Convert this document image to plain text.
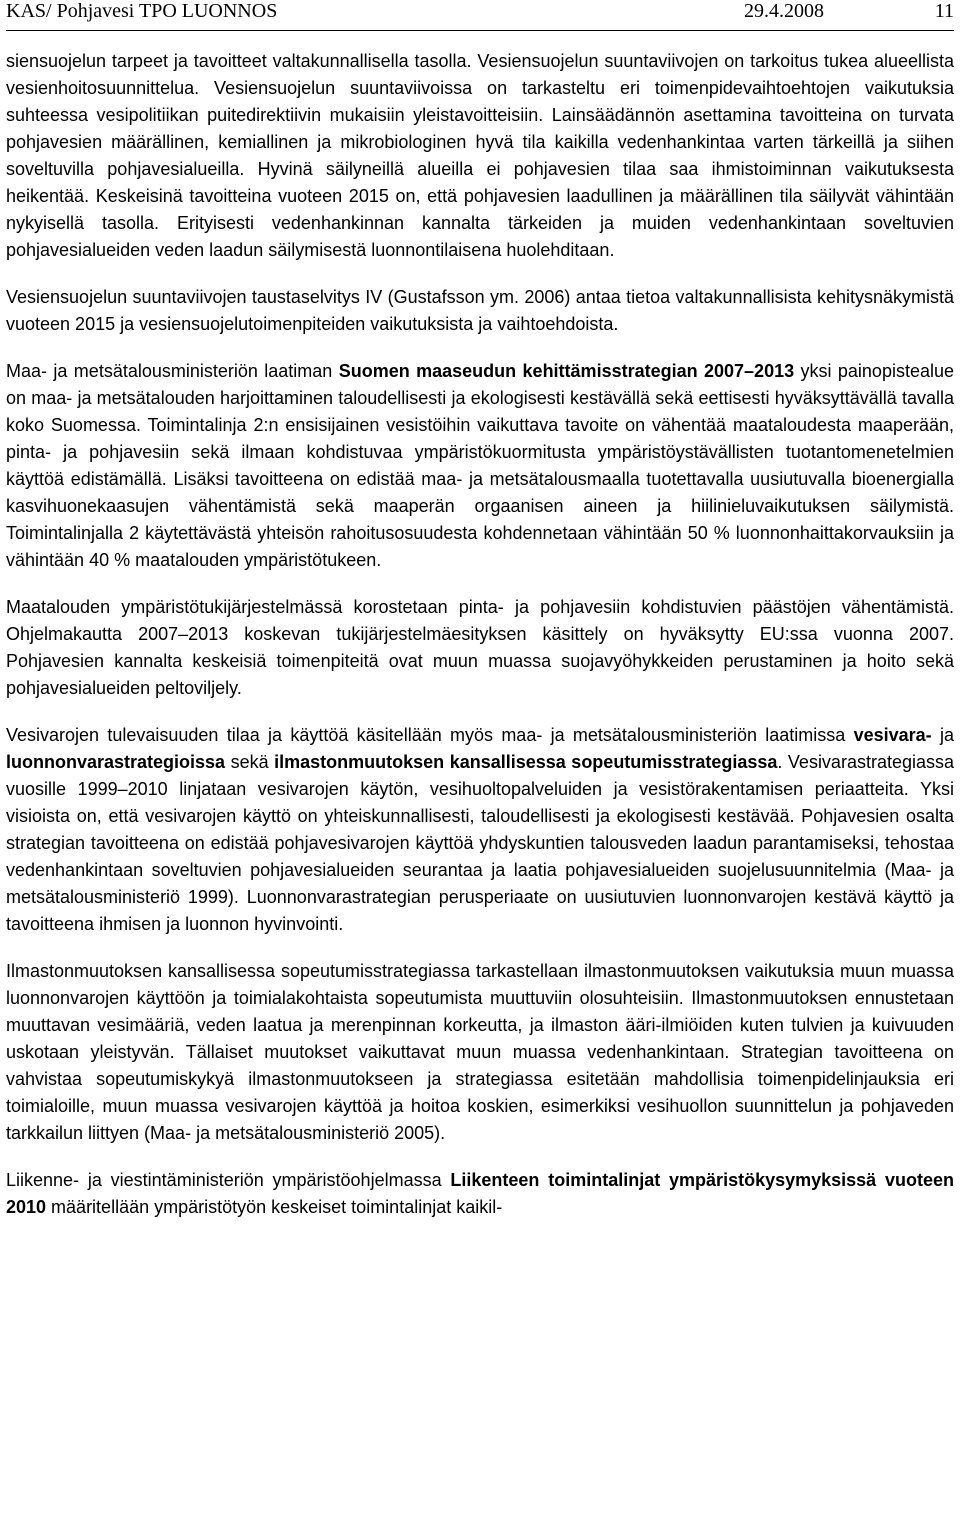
KAS/ Pohjavesi TPO LUONNOS	29.4.2008	11

siensuojelun tarpeet ja tavoitteet valtakunnallisella tasolla. Vesiensuojelun suuntaviivojen on tarkoitus tukea alueellista vesienhoitosuunnittelua. Vesiensuojelun suuntaviivoissa on tarkasteltu eri toimenpidevaihtoehtojen vaikutuksia suhteessa vesipolitiikan puitedirektiivin mukaisiin yleistavoitteisiin. Lainsäädännön asettamina tavoitteina on turvata pohjavesien määrällinen, kemiallinen ja mikrobiologinen hyvä tila kaikilla vedenhankintaa varten tärkeillä ja siihen soveltuvilla pohjavesialueilla. Hyvinä säilyneillä alueilla ei pohjavesien tilaa saa ihmistoiminnan vaikutuksesta heikentää. Keskeisinä tavoitteina vuoteen 2015 on, että pohjavesien laadullinen ja määrällinen tila säilyvät vähintään nykyisellä tasolla. Erityisesti vedenhankinnan kannalta tärkeiden ja muiden vedenhankintaan soveltuvien pohjavesialueiden veden laadun säilymisestä luonnontilaisena huolehditaan.

Vesiensuojelun suuntaviivojen taustaselvitys IV (Gustafsson ym. 2006) antaa tietoa valtakunnallisista kehitysnäkymistä vuoteen 2015 ja vesiensuojelutoimenpiteiden vaikutuksista ja vaihtoehdoista.

Maa- ja metsätalousministeriön laatiman Suomen maaseudun kehittämisstrategian 2007–2013 yksi painopistealue on maa- ja metsätalouden harjoittaminen taloudellisesti ja ekologisesti kestävällä sekä eettisesti hyväksyttävällä tavalla koko Suomessa. Toimintalinja 2:n ensisijainen vesistöihin vaikuttava tavoite on vähentää maataloudesta maaperään, pinta- ja pohjavesiin sekä ilmaan kohdistuvaa ympäristökuormitusta ympäristöystävällisten tuotantomenetelmien käyttöä edistämällä. Lisäksi tavoitteena on edistää maa- ja metsätalousmaalla tuotettavalla uusiutuvalla bioenergialla kasvihuonekaasujen vähentämistä sekä maaperän orgaanisen aineen ja hiilinieluvaikutuksen säilymistä. Toimintalinjalla 2 käytettävästä yhteisön rahoitusosuudesta kohdennetaan vähintään 50 % luonnonhaittakorvauksiin ja vähintään 40 % maatalouden ympäristötukeen.

Maatalouden ympäristötukijärjestelmässä korostetaan pinta- ja pohjavesiin kohdistuvien päästöjen vähentämistä. Ohjelmakautta 2007–2013 koskevan tukijärjestelmäesityksen käsittely on hyväksytty EU:ssa vuonna 2007. Pohjavesien kannalta keskeisiä toimenpiteitä ovat muun muassa suojavyöhykkeiden perustaminen ja hoito sekä pohjavesialueiden peltoviljely.

Vesivarojen tulevaisuuden tilaa ja käyttöä käsitellään myös maa- ja metsätalousministeriön laatimissa vesivara- ja luonnonvarastrategioissa sekä ilmastonmuutoksen kansallisessa sopeutumisstrategiassa. Vesivarastrategiassa vuosille 1999–2010 linjataan vesivarojen käytön, vesihuoltopalveluiden ja vesistörakentamisen periaatteita. Yksi visioista on, että vesivarojen käyttö on yhteiskunnallisesti, taloudellisesti ja ekologisesti kestävää. Pohjavesien osalta strategian tavoitteena on edistää pohjavesivarojen käyttöä yhdyskuntien talousveden laadun parantamiseksi, tehostaa vedenhankintaan soveltuvien pohjavesialueiden seurantaa ja laatia pohjavesialueiden suojelusuunnitelmia (Maa- ja metsätalousministeriö 1999). Luonnonvarastrategian perusperiaate on uusiutuvien luonnonvarojen kestävä käyttö ja tavoitteena ihmisen ja luonnon hyvinvointi.

Ilmastonmuutoksen kansallisessa sopeutumisstrategiassa tarkastellaan ilmastonmuutoksen vaikutuksia muun muassa luonnonvarojen käyttöön ja toimialakohtaista sopeutumista muuttuviin olosuhteisiin. Ilmastonmuutoksen ennustetaan muuttavan vesimääriä, veden laatua ja merenpinnan korkeutta, ja ilmaston ääri-ilmiöiden kuten tulvien ja kuivuuden uskotaan yleistyvän. Tällaiset muutokset vaikuttavat muun muassa vedenhankintaan. Strategian tavoitteena on vahvistaa sopeutumiskykyä ilmastonmuutokseen ja strategiassa esitetään mahdollisia toimenpidelinjauksia eri toimialoille, muun muassa vesivarojen käyttöä ja hoitoa koskien, esimerkiksi vesihuollon suunnittelun ja pohjaveden tarkkailun liittyen (Maa- ja metsätalousministeriö 2005).

Liikenne- ja viestintäministeriön ympäristöohjelmassa Liikenteen toimintalinjat ympäristökysymyksissä vuoteen 2010 määritellään ympäristötyön keskeiset toimintalinjat kaikil-
